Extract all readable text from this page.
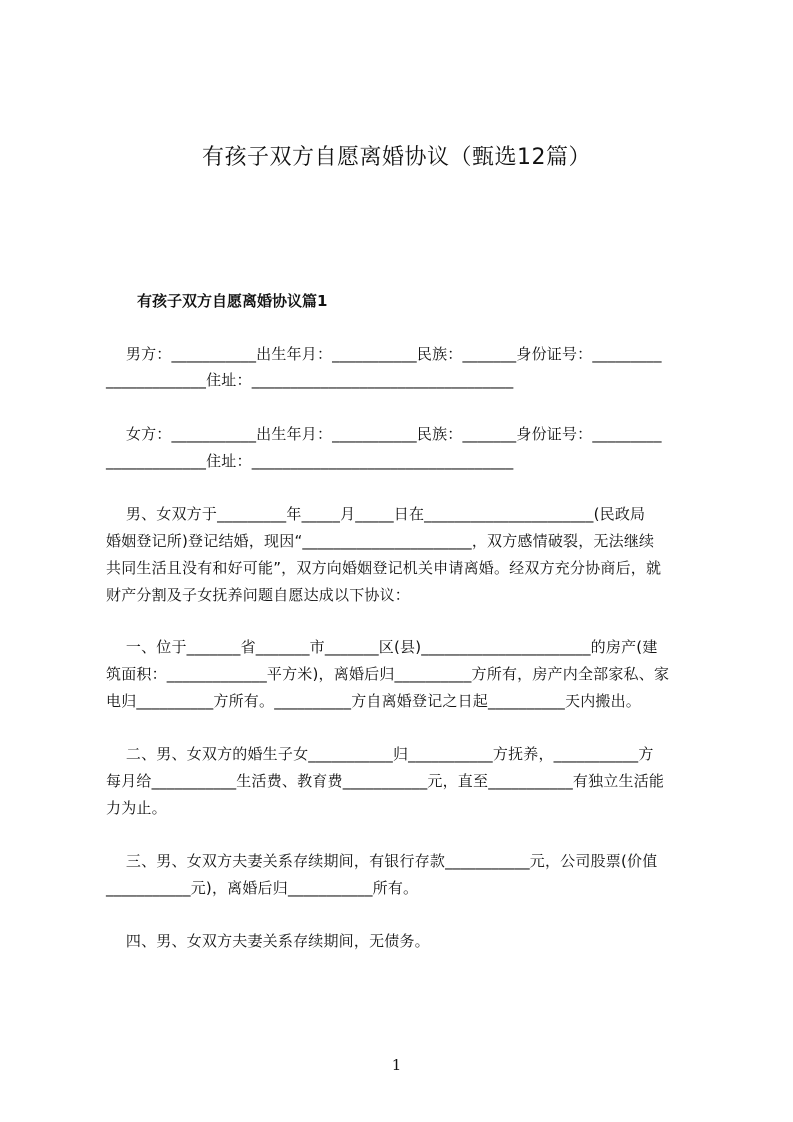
有孩子双方自愿离婚协议（甄选12篇）
有孩子双方自愿离婚协议篇1
男方：___________出生年月：___________民族：_______身份证号：_________
_____________住址：__________________________________
女方：___________出生年月：___________民族：_______身份证号：_________
_____________住址：__________________________________
男、女双方于_________年_____月_____日在______________________(民政局
婚姻登记所)登记结婚，现因“______________________，双方感情破裂，无法继续
共同生活且没有和好可能”，双方向婚姻登记机关申请离婚。经双方充分协商后，就
财产分割及子女抚养问题自愿达成以下协议：
一、位于_______省_______市_______区(县)______________________的房产(建
筑面积：_____________平方米)，离婚后归__________方所有，房产内全部家私、家
电归__________方所有。__________方自离婚登记之日起__________天内搬出。
二、男、女双方的婚生子女___________归___________方抚养，___________方
每月给___________生活费、教育费___________元，直至___________有独立生活能
力为止。
三、男、女双方夫妻关系存续期间，有银行存款___________元，公司股票(价值
___________元)，离婚后归___________所有。
四、男、女双方夫妻关系存续期间，无债务。
1
